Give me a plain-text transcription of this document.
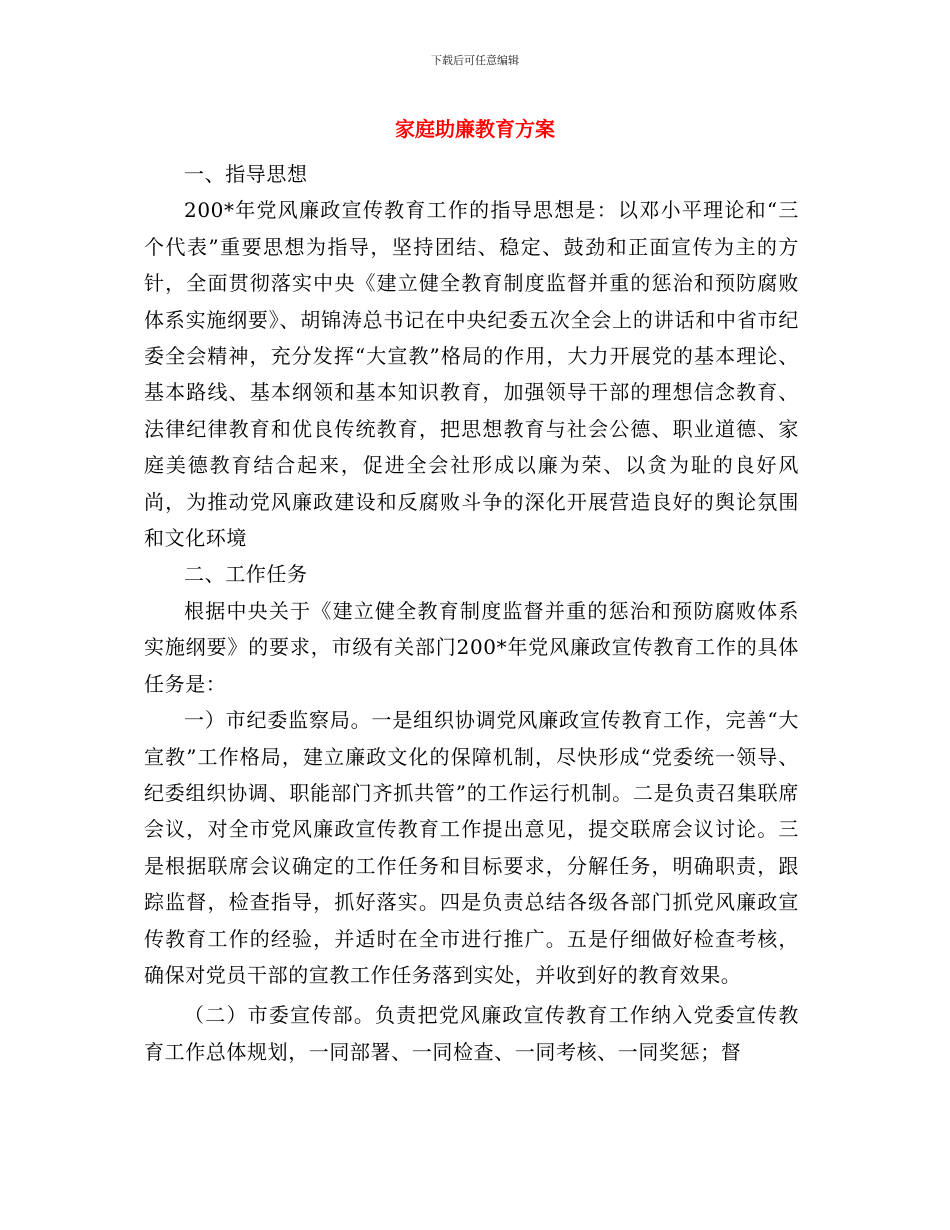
下载后可任意编辑
家庭助廉教育方案

一、指导思想

200*年党风廉政宣传教育工作的指导思想是：以邓小平理论和“三个代表”重要思想为指导，坚持团结、稳定、鼓劲和正面宣传为主的方针，全面贯彻落实中央《建立健全教育制度监督并重的惩治和预防腐败体系实施纲要》、胡锦涛总书记在中央纪委五次全会上的讲话和中省市纪委全会精神，充分发挥“大宣教”格局的作用，大力开展党的基本理论、基本路线、基本纲领和基本知识教育，加强领导干部的理想信念教育、法律纪律教育和优良传统教育，把思想教育与社会公德、职业道德、家庭美德教育结合起来，促进全会社形成以廉为荣、以贪为耻的良好风尚，为推动党风廉政建设和反腐败斗争的深化开展营造良好的舆论氛围和文化环境

二、工作任务

根据中央关于《建立健全教育制度监督并重的惩治和预防腐败体系实施纲要》的要求，市级有关部门200*年党风廉政宣传教育工作的具体任务是：

一）市纪委监察局。一是组织协调党风廉政宣传教育工作，完善“大宣教”工作格局，建立廉政文化的保障机制，尽快形成“党委统一领导、纪委组织协调、职能部门齐抓共管”的工作运行机制。二是负责召集联席会议，对全市党风廉政宣传教育工作提出意见，提交联席会议讨论。三是根据联席会议确定的工作任务和目标要求，分解任务，明确职责，跟踪监督，检查指导，抓好落实。四是负责总结各级各部门抓党风廉政宣传教育工作的经验，并适时在全市进行推广。五是仔细做好检查考核，确保对党员干部的宣教工作任务落到实处，并收到好的教育效果。

（二）市委宣传部。负责把党风廉政宣传教育工作纳入党委宣传教育工作总体规划，一同部署、一同检查、一同考核、一同奖惩；督
